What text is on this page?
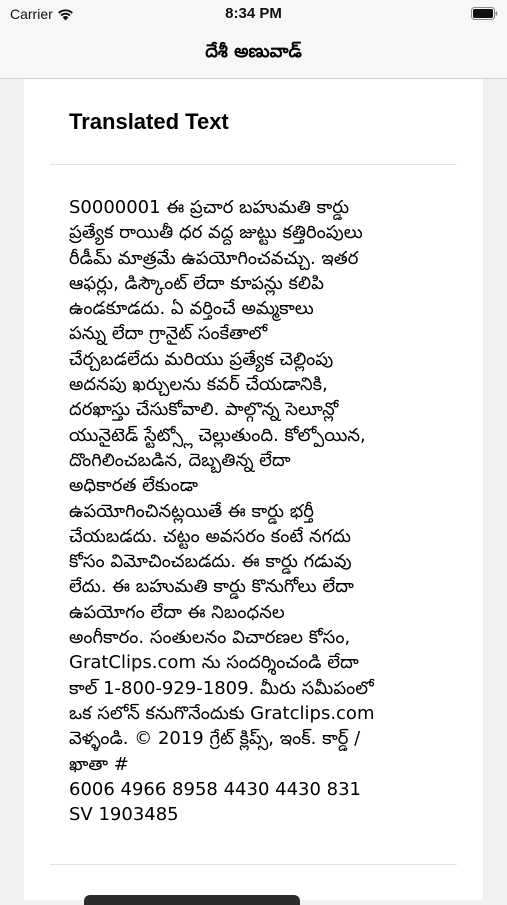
Carrier	8:34 PM
దేశీ అణువాడ్
Translated Text
S0000001 ఈ ప్రచార బహుమతి కార్డు
ప్రత్యేక రాయితీ ధర వద్ద జుట్టు కత్తిరింపులు
రీడీమ్ మాత్రమే ఉపయోగించవచ్చు. ఇతర
ఆఫర్లు, డిస్కౌంట్ లేదా కూపన్లు కలిపి
ఉండకూడదు. ఏ వర్తించే అమ్మకాలు
పన్ను లేదా గ్రానైట్ సంకేతాలో
చేర్చబడలేదు మరియు ప్రత్యేక చెల్లింపు
అదనపు ఖర్చులను కవర్ చేయడానికి,
దరఖాస్తు చేసుకోవాలి. పాల్గొన్న సెలూన్లో
యునైటెడ్ స్టేట్స్లో చెల్లుతుంది. కోల్పోయిన,
దొంగిలించబడిన, దెబ్బతిన్న లేదా
అధికారత లేకుండా
ఉపయోగించినట్లయితే ఈ కార్డు భర్తీ
చేయబడదు. చట్టం అవసరం కంటే నగదు
కోసం విమోచించబడదు. ఈ కార్డు గడువు
లేదు. ఈ బహుమతి కార్డు కొనుగోలు లేదా
ఉపయోగం లేదా ఈ నిబంధనల
అంగీకారం. సంతులనం విచారణల కోసం,
GratClips.com ను సందర్శించండి లేదా
కాల్ 1-800-929-1809. మీరు సమీపంలో
ఒక సలోన్ కనుగొనేందుకు Gratclips.com
వెళ్ళండి. © 2019 గ్రేట్ క్లిప్స్, ఇంక్. కార్డ్ /
ఖాతా #
6006 4966 8958 4430 4430 831
SV 1903485
